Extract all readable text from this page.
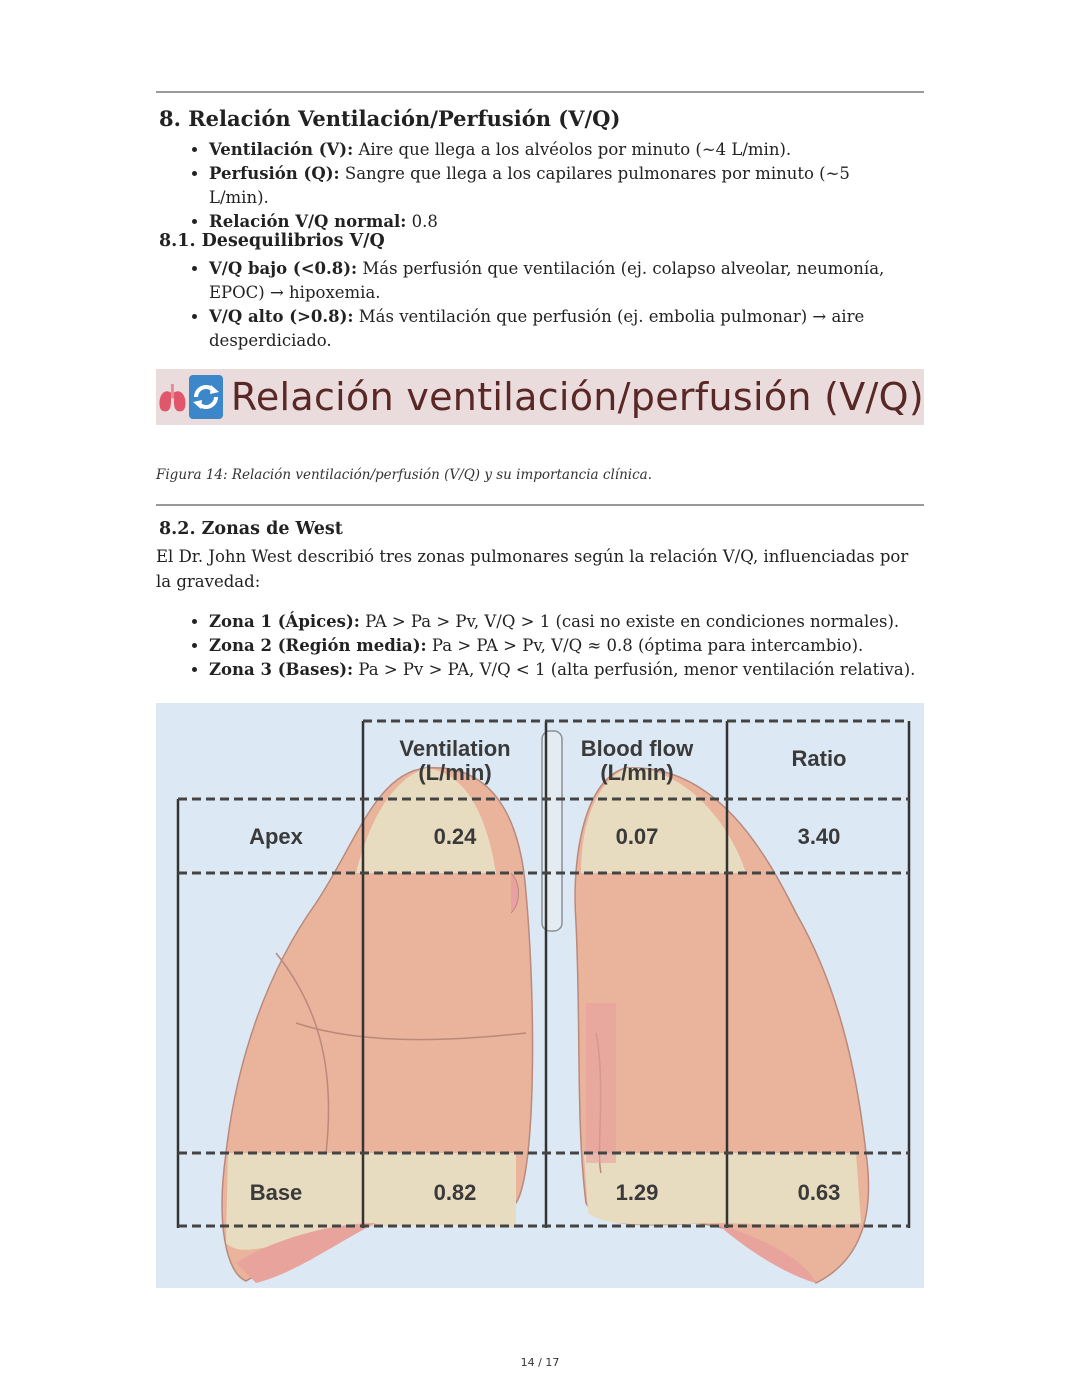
8. Relación Ventilación/Perfusión (V/Q)
• Ventilación (V): Aire que llega a los alvéolos por minuto (~4 L/min).
• Perfusión (Q): Sangre que llega a los capilares pulmonares por minuto (~5 L/min).
• Relación V/Q normal: 0.8
8.1. Desequilibrios V/Q
• V/Q bajo (<0.8): Más perfusión que ventilación (ej. colapso alveolar, neumonía, EPOC) → hipoxemia.
• V/Q alto (>0.8): Más ventilación que perfusión (ej. embolia pulmonar) → aire desperdiciado.
Relación ventilación/perfusión (V/Q)
Figura 14: Relación ventilación/perfusión (V/Q) y su importancia clínica.
8.2. Zonas de West
El Dr. John West describió tres zonas pulmonares según la relación V/Q, influenciadas por la gravedad:
• Zona 1 (Ápices): PA > Pa > Pv, V/Q > 1 (casi no existe en condiciones normales).
• Zona 2 (Región media): Pa > PA > Pv, V/Q ≈ 0.8 (óptima para intercambio).
• Zona 3 (Bases): Pa > Pv > PA, V/Q < 1 (alta perfusión, menor ventilación relativa).
Ventilation
(L/min)
Blood flow
(L/min)
Ratio
Apex	0.24	0.07	3.40
Base	0.82	1.29	0.63
14 / 17
